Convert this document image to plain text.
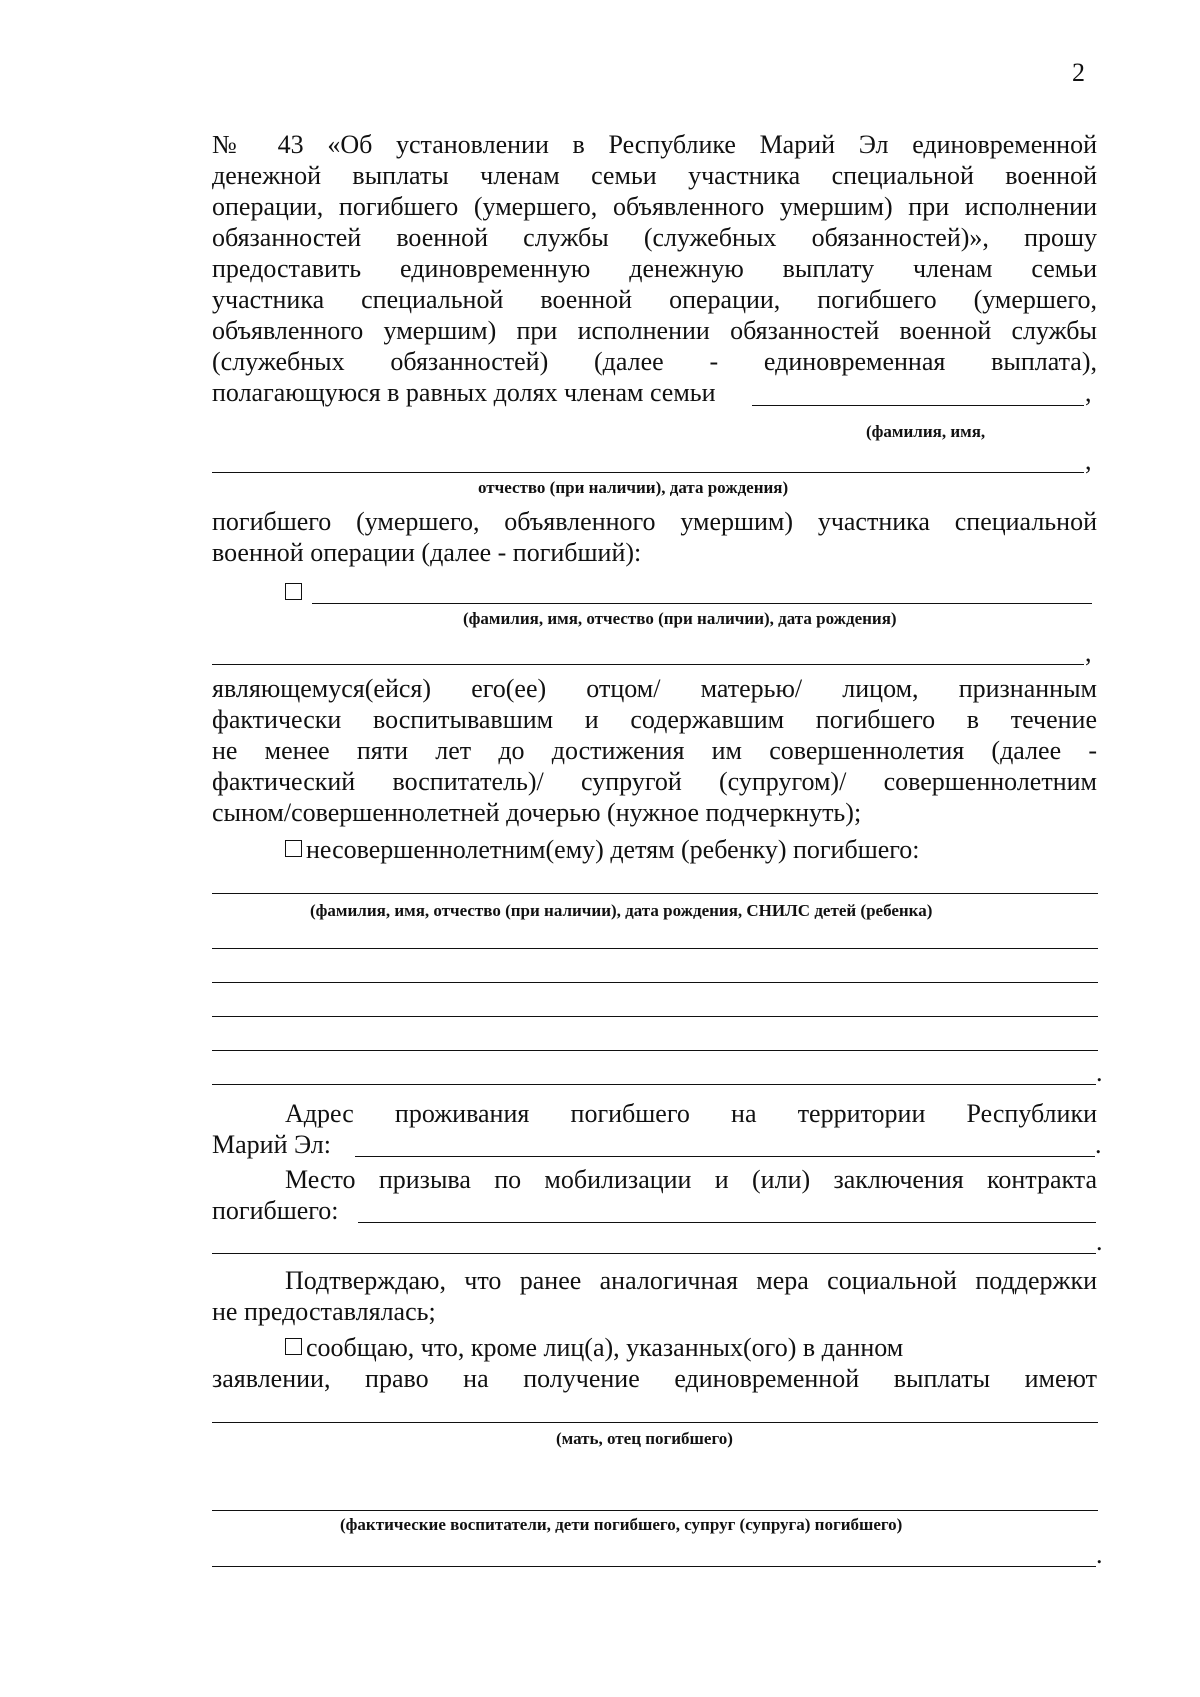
2
№ 43 «Об установлении в Республике Марий Эл единовременной
денежной выплаты членам семьи участника специальной военной
операции, погибшего (умершего, объявленного умершим) при исполнении
обязанностей военной службы (служебных обязанностей)», прошу
предоставить единовременную денежную выплату членам семьи
участника специальной военной операции, погибшего (умершего,
объявленного умершим) при исполнении обязанностей военной службы
(служебных обязанностей) (далее - единовременная выплата),
полагающуюся в равных долях членам семьи	,
(фамилия, имя,
,
отчество (при наличии), дата рождения)
погибшего (умершего, объявленного умершим) участника специальной
военной операции (далее - погибший):
(фамилия, имя, отчество (при наличии), дата рождения)
,
являющемуся(ейся) его(ее) отцом/ матерью/ лицом, признанным
фактически воспитывавшим и содержавшим погибшего в течение
не менее пяти лет до достижения им совершеннолетия (далее -
фактический воспитатель)/ супругой (супругом)/ совершеннолетним
сыном/совершеннолетней дочерью (нужное подчеркнуть);
несовершеннолетним(ему) детям (ребенку) погибшего:
(фамилия, имя, отчество (при наличии), дата рождения, СНИЛС детей (ребенка)
.
Адрес проживания погибшего на территории Республики
Марий Эл:	.
Место призыва по мобилизации и (или) заключения контракта
погибшего:
.
Подтверждаю, что ранее аналогичная мера социальной поддержки
не предоставлялась;
сообщаю, что, кроме лиц(а), указанных(ого) в данном
заявлении, право на получение единовременной выплаты имеют
(мать, отец погибшего)
(фактические воспитатели, дети погибшего, супруг (супруга) погибшего)
.
